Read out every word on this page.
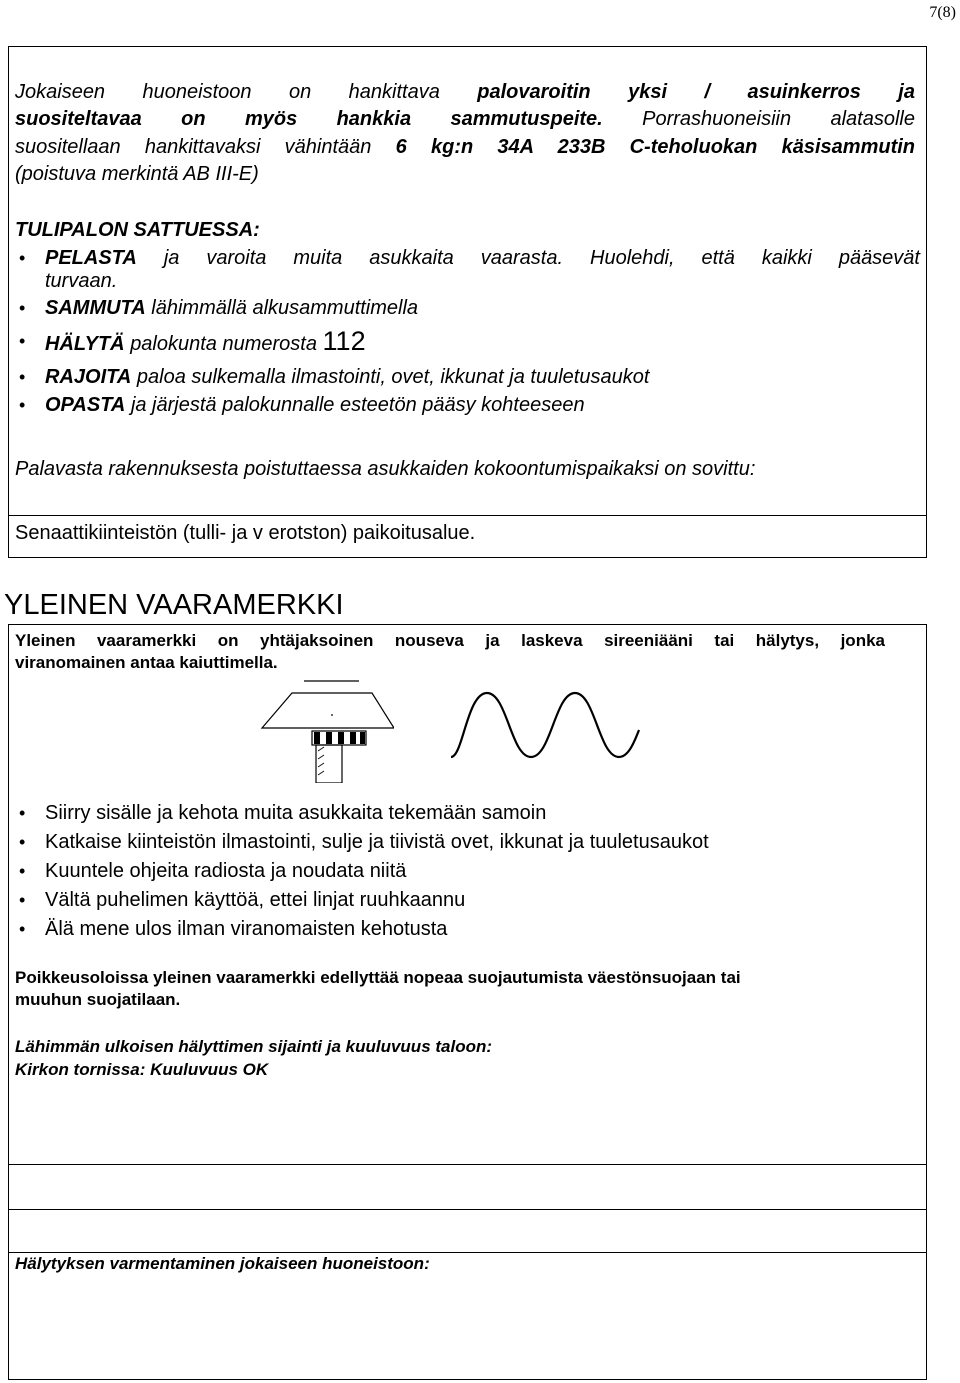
7(8)
Jokaiseen huoneistoon on hankittava palovaroitin yksi / asuinkerros ja
suositeltavaa on myös hankkia sammutuspeite. Porrashuoneisiin alatasolle
suositellaan hankittavaksi vähintään 6 kg:n 34A 233B C-teholuokan käsisammutin
(poistuva merkintä AB III-E)
TULIPALON SATTUESSA:
• PELASTA ja varoita muita asukkaita vaarasta. Huolehdi, että kaikki pääsevät
turvaan.
• SAMMUTA lähimmällä alkusammuttimella
• HÄLYTÄ palokunta numerosta 112
• RAJOITA paloa sulkemalla ilmastointi, ovet, ikkunat ja tuuletusaukot
• OPASTA ja järjestä palokunnalle esteetön pääsy kohteeseen
Palavasta rakennuksesta poistuttaessa asukkaiden kokoontumispaikaksi on sovittu:
Senaattikiinteistön (tulli- ja v erotston) paikoitusalue.
YLEINEN VAARAMERKKI
Yleinen vaaramerkki on yhtäjaksoinen nouseva ja laskeva sireeniääni tai hälytys, jonka
viranomainen antaa kaiuttimella.
• Siirry sisälle ja kehota muita asukkaita tekemään samoin
• Katkaise kiinteistön ilmastointi, sulje ja tiivistä ovet, ikkunat ja tuuletusaukot
• Kuuntele ohjeita radiosta ja noudata niitä
• Vältä puhelimen käyttöä, ettei linjat ruuhkaannu
• Älä mene ulos ilman viranomaisten kehotusta
Poikkeusoloissa yleinen vaaramerkki edellyttää nopeaa suojautumista väestönsuojaan tai
muuhun suojatilaan.
Lähimmän ulkoisen hälyttimen sijainti ja kuuluvuus taloon:
Kirkon tornissa: Kuuluvuus OK
Hälytyksen varmentaminen jokaiseen huoneistoon:
